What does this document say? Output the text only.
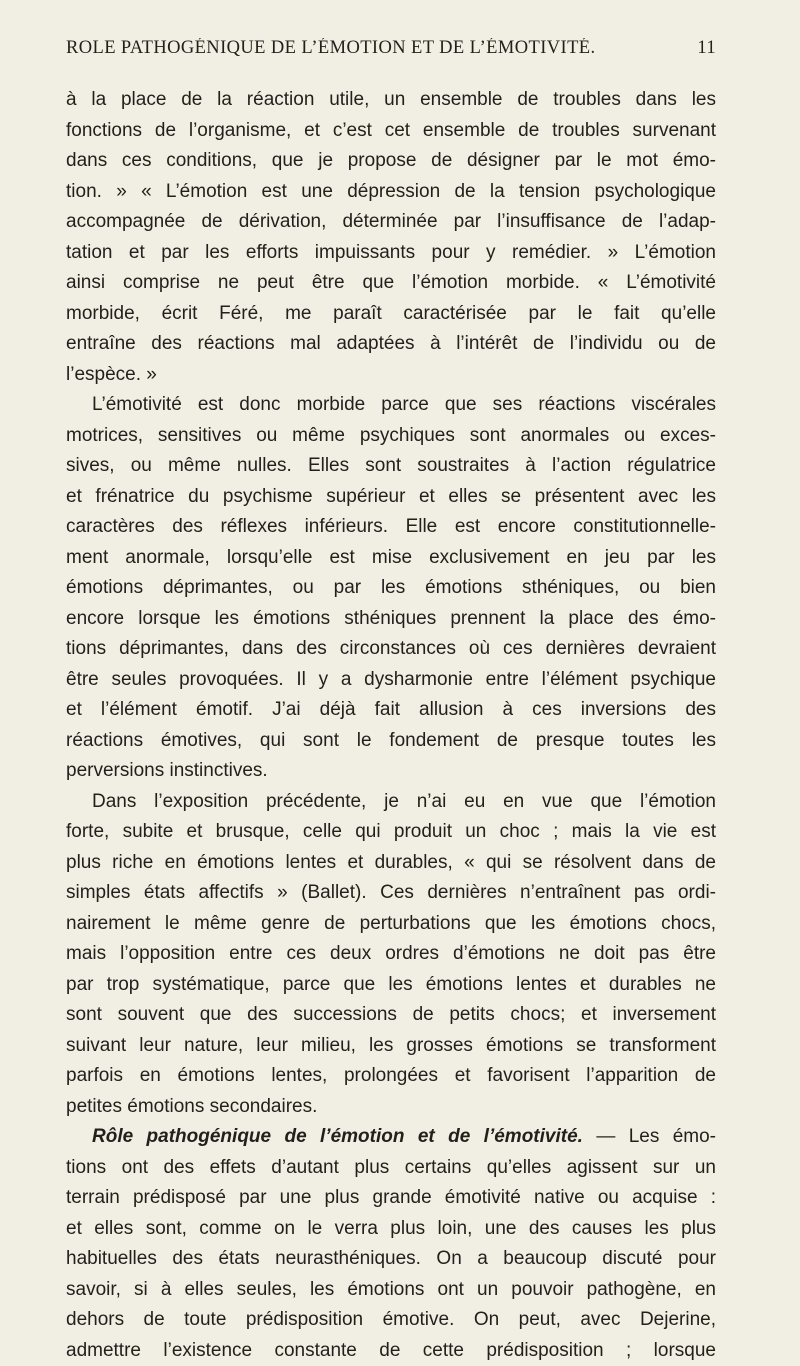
ROLE PATHOGÉNIQUE DE L’ÉMOTION ET DE L’ÉMOTIVITÉ.	11
à la place de la réaction utile, un ensemble de troubles dans les
fonctions de l’organisme, et c’est cet ensemble de troubles survenant
dans ces conditions, que je propose de désigner par le mot émo-
tion. » « L’émotion est une dépression de la tension psychologique
accompagnée de dérivation, déterminée par l’insuffisance de l’adap-
tation et par les efforts impuissants pour y remédier. » L’émotion
ainsi comprise ne peut être que l’émotion morbide. « L’émotivité
morbide, écrit Féré, me paraît caractérisée par le fait qu’elle
entraîne des réactions mal adaptées à l’intérêt de l’individu ou de
l’espèce. »
L’émotivité est donc morbide parce que ses réactions viscérales
motrices, sensitives ou même psychiques sont anormales ou exces-
sives, ou même nulles. Elles sont soustraites à l’action régulatrice
et frénatrice du psychisme supérieur et elles se présentent avec les
caractères des réflexes inférieurs. Elle est encore constitutionnelle-
ment anormale, lorsqu’elle est mise exclusivement en jeu par les
émotions déprimantes, ou par les émotions sthéniques, ou bien
encore lorsque les émotions sthéniques prennent la place des émo-
tions déprimantes, dans des circonstances où ces dernières devraient
être seules provoquées. Il y a dysharmonie entre l’élément psychique
et l’élément émotif. J’ai déjà fait allusion à ces inversions des
réactions émotives, qui sont le fondement de presque toutes les
perversions instinctives.
Dans l’exposition précédente, je n’ai eu en vue que l’émotion
forte, subite et brusque, celle qui produit un choc ; mais la vie est
plus riche en émotions lentes et durables, « qui se résolvent dans de
simples états affectifs » (Ballet). Ces dernières n’entraînent pas ordi-
nairement le même genre de perturbations que les émotions chocs,
mais l’opposition entre ces deux ordres d’émotions ne doit pas être
par trop systématique, parce que les émotions lentes et durables ne
sont souvent que des successions de petits chocs; et inversement
suivant leur nature, leur milieu, les grosses émotions se transforment
parfois en émotions lentes, prolongées et favorisent l’apparition de
petites émotions secondaires.
Rôle pathogénique de l’émotion et de l’émotivité. — Les émo-
tions ont des effets d’autant plus certains qu’elles agissent sur un
terrain prédisposé par une plus grande émotivité native ou acquise :
et elles sont, comme on le verra plus loin, une des causes les plus
habituelles des états neurasthéniques. On a beaucoup discuté pour
savoir, si à elles seules, les émotions ont un pouvoir pathogène, en
dehors de toute prédisposition émotive. On peut, avec Dejerine,
admettre l’existence constante de cette prédisposition ; lorsque
